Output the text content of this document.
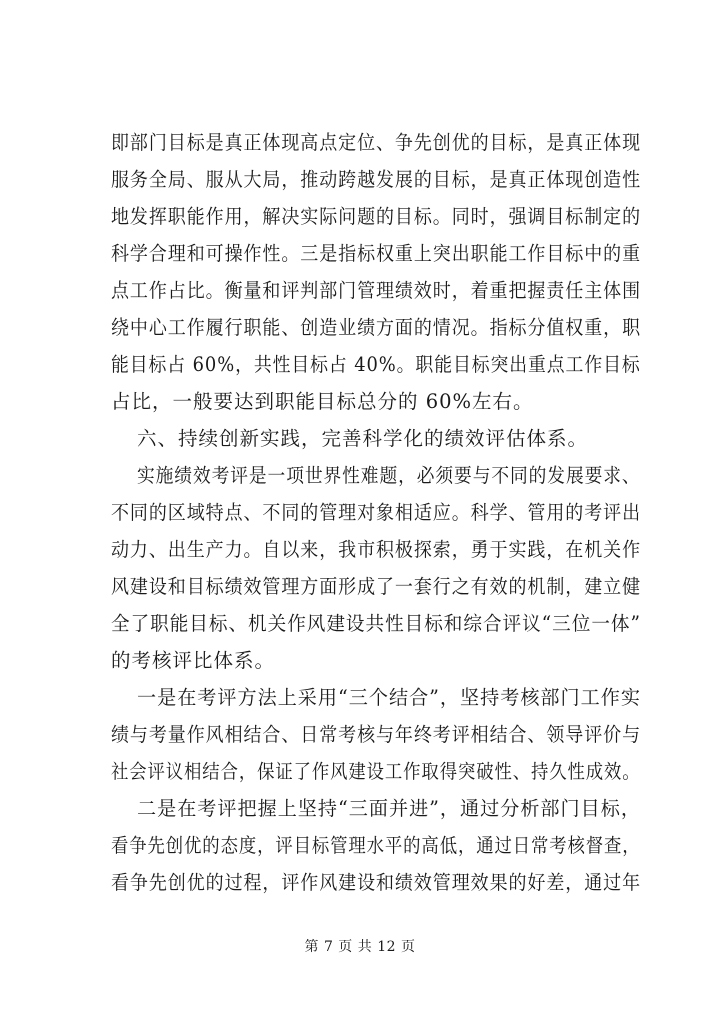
即部门目标是真正体现高点定位、争先创优的目标，是真正体现
服务全局、服从大局，推动跨越发展的目标，是真正体现创造性
地发挥职能作用，解决实际问题的目标。同时，强调目标制定的
科学合理和可操作性。三是指标权重上突出职能工作目标中的重
点工作占比。衡量和评判部门管理绩效时，着重把握责任主体围
绕中心工作履行职能、创造业绩方面的情况。指标分值权重，职
能目标占 60%，共性目标占 40%。职能目标突出重点工作目标
占比，一般要达到职能目标总分的 60%左右。
六、持续创新实践，完善科学化的绩效评估体系。
实施绩效考评是一项世界性难题，必须要与不同的发展要求、
不同的区域特点、不同的管理对象相适应。科学、管用的考评出
动力、出生产力。自以来，我市积极探索，勇于实践，在机关作
风建设和目标绩效管理方面形成了一套行之有效的机制，建立健
全了职能目标、机关作风建设共性目标和综合评议“三位一体”
的考核评比体系。
一是在考评方法上采用“三个结合”，坚持考核部门工作实
绩与考量作风相结合、日常考核与年终考评相结合、领导评价与
社会评议相结合，保证了作风建设工作取得突破性、持久性成效。
二是在考评把握上坚持“三面并进”，通过分析部门目标，
看争先创优的态度，评目标管理水平的高低，通过日常考核督查，
看争先创优的过程，评作风建设和绩效管理效果的好差，通过年
第 7 页 共 12 页
